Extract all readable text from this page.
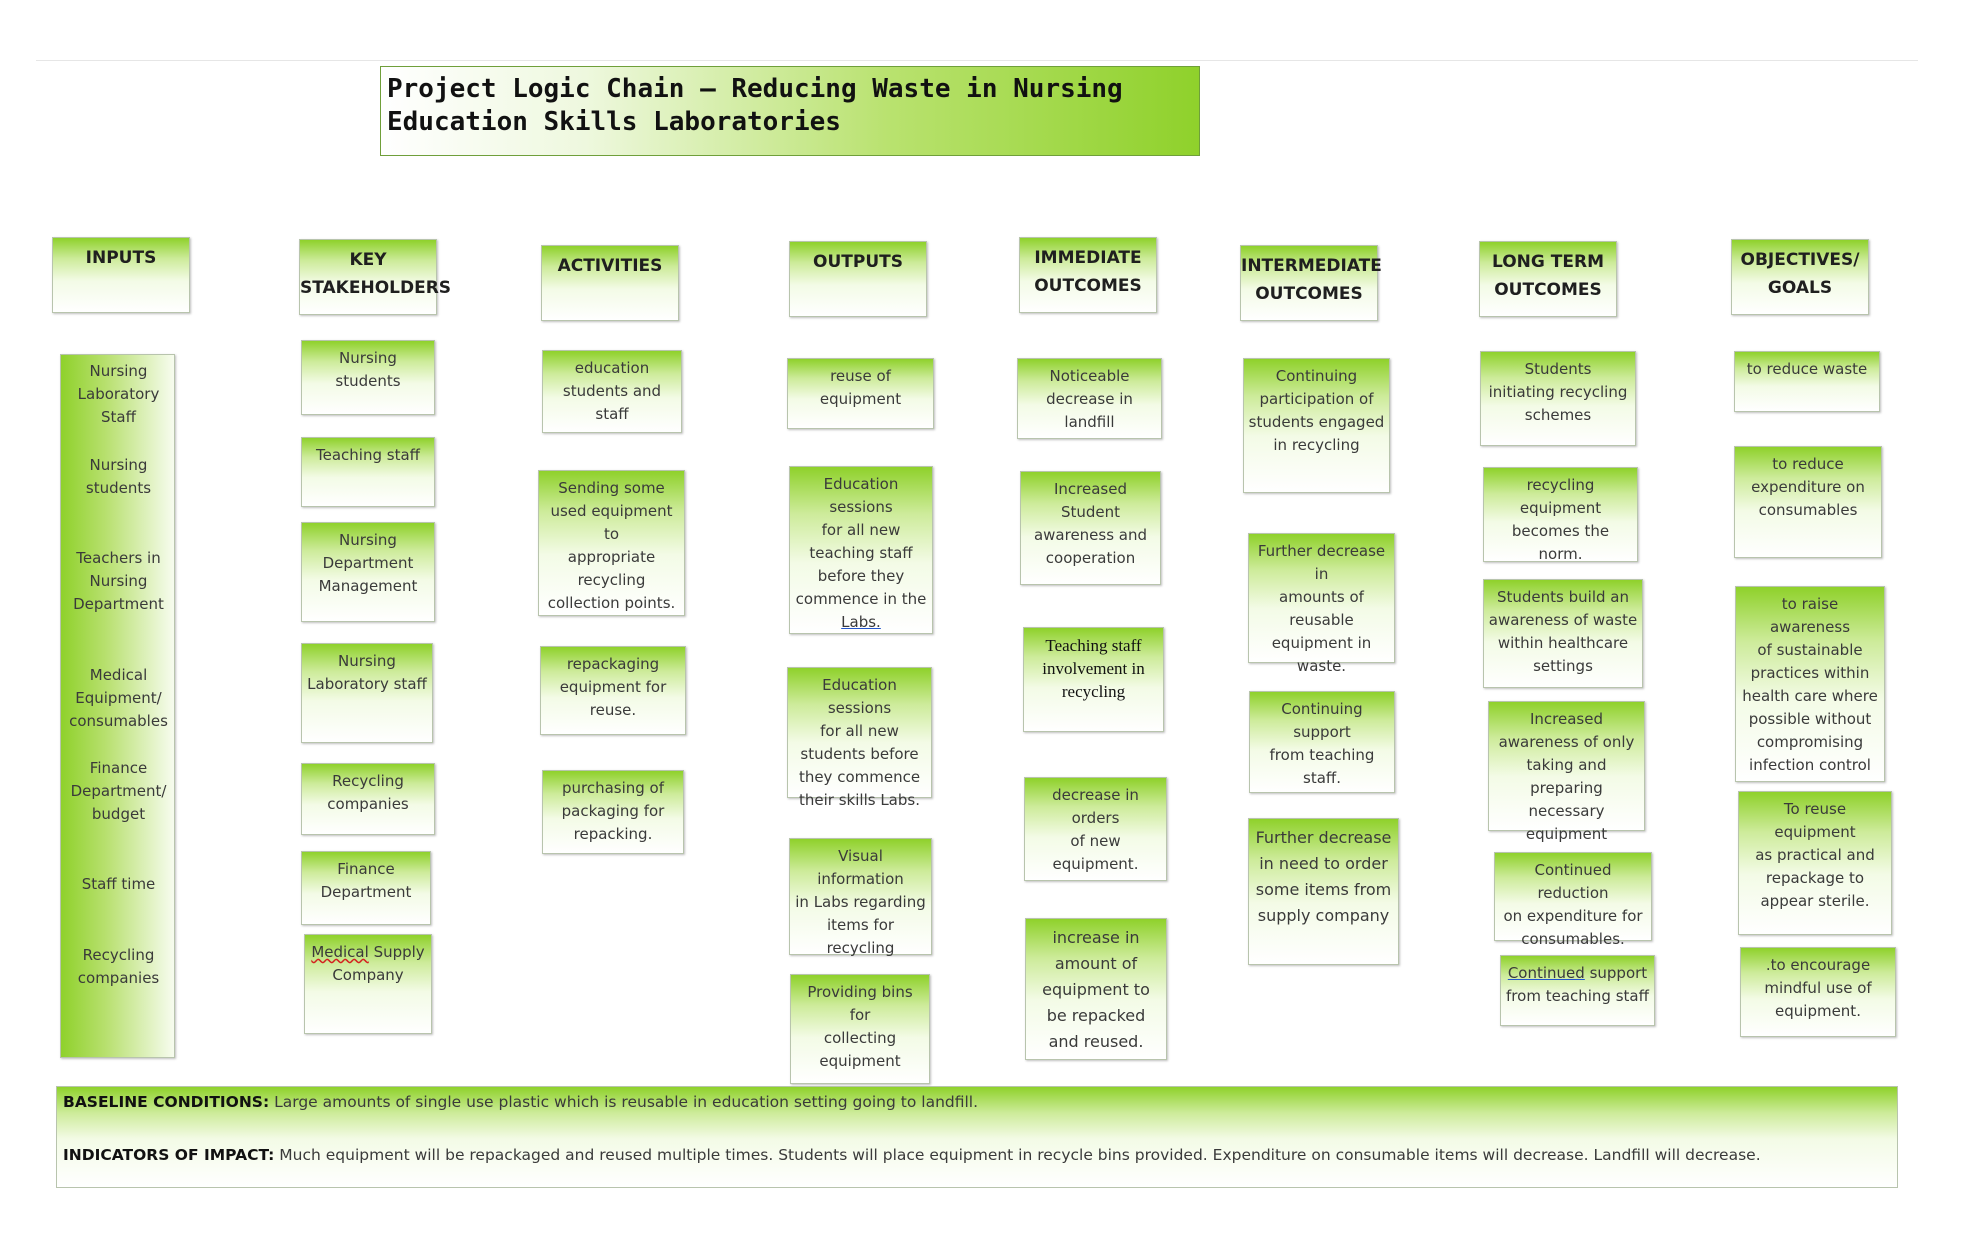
Project Logic Chain – Reducing Waste in Nursing
Education Skills Laboratories
INPUTS	KEY
STAKEHOLDERS
ACTIVITIES	OUTPUTS	IMMEDIATE
OUTCOMES
INTERMEDIATE
OUTCOMES
LONG TERM
OUTCOMES
OBJECTIVES/
GOALS
Nursing
Laboratory
Staff
Nursing
students
Teachers in
Nursing
Department
Medical
Equipment/
consumables
Finance
Department/
budget
Staff time
Recycling
companies
Nursing students
Teaching staff
Nursing
Department
Management
Nursing
Laboratory staff
Recycling
companies
Finance
Department
Medical Supply
Company
education
students and staff
Sending some
used equipment to
appropriate
recycling
collection points.
repackaging
equipment for
reuse.
purchasing of
packaging for
repacking.
reuse of
equipment
Education sessions
for all new
teaching staff
before they
commence in the
Labs.
Education sessions
for all new
students before
they commence
their skills Labs.
Visual information
in Labs regarding
items for recycling
Providing bins for
collecting
equipment
Noticeable
decrease in landfill
Increased Student
awareness and
cooperation
Teaching staff
involvement in
recycling
decrease in orders
of new
equipment.
increase in
amount of
equipment to
be repacked
and reused.
Continuing
participation of
students engaged
in recycling
Further decrease in
amounts of
reusable
equipment in
waste.
Continuing support
from teaching
staff.
Further decrease
in need to order
some items from
supply company
Students
initiating recycling
schemes
recycling
equipment
becomes the norm.
Students build an
awareness of waste
within healthcare
settings
Increased
awareness of only
taking and
preparing necessary
equipment
Continued reduction
on expenditure for
consumables.
Continued support
from teaching staff
to reduce waste
to reduce
expenditure on
consumables
to raise awareness
of sustainable
practices within
health care where
possible without
compromising
infection control
To reuse equipment
as practical and
repackage to
appear sterile.
.to encourage
mindful use of
equipment.
BASELINE CONDITIONS: Large amounts of single use plastic which is reusable in education setting going to landfill.
INDICATORS OF IMPACT: Much equipment will be repackaged and reused multiple times. Students will place equipment in recycle bins provided. Expenditure on consumable items will decrease. Landfill will decrease.
